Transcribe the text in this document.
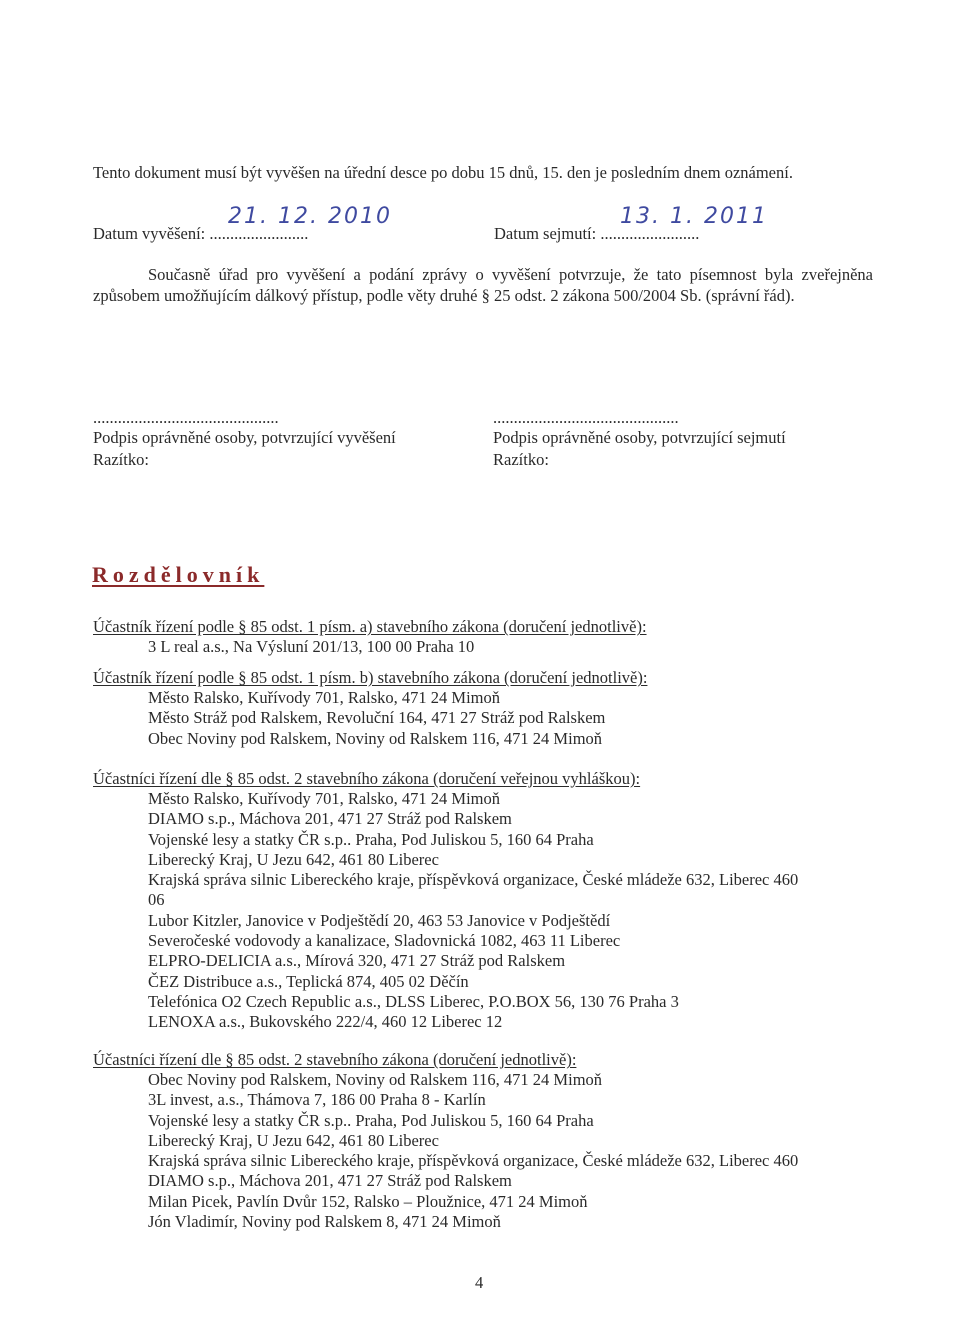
Tento dokument musí být vyvěšen na úřední desce po dobu 15 dnů, 15. den je posledním dnem oznámení.
Datum vyvěšení: ........................
21. 12. 2010
Datum sejmutí: ........................
13. 1. 2011
Současně úřad pro vyvěšení a podání zprávy o vyvěšení potvrzuje, že tato písemnost byla zveřejněna způsobem umožňujícím dálkový přístup, podle věty druhé § 25 odst. 2 zákona 500/2004 Sb. (správní řád).
.............................................
Podpis oprávněné osoby, potvrzující vyvěšení
Razítko:
.............................................
Podpis oprávněné osoby, potvrzující sejmutí
Razítko:
Rozdělovník
Účastník řízení podle § 85 odst. 1 písm. a) stavebního zákona (doručení jednotlivě):
3 L real a.s., Na Výsluní 201/13, 100 00 Praha 10
Účastník řízení podle § 85 odst. 1 písm. b) stavebního zákona (doručení jednotlivě):
Město Ralsko, Kuřívody 701, Ralsko, 471 24 Mimoň
Město Stráž pod Ralskem, Revoluční 164, 471 27 Stráž pod Ralskem
Obec Noviny pod Ralskem, Noviny od Ralskem 116, 471 24 Mimoň
Účastníci řízení dle § 85 odst. 2 stavebního zákona (doručení veřejnou vyhláškou):
Město Ralsko, Kuřívody 701, Ralsko, 471 24 Mimoň
DIAMO s.p., Máchova 201, 471 27 Stráž pod Ralskem
Vojenské lesy a statky ČR s.p.. Praha, Pod Juliskou 5, 160 64 Praha
Liberecký Kraj, U Jezu 642, 461 80 Liberec
Krajská správa silnic Libereckého kraje, příspěvková organizace, České mládeže 632, Liberec 460
06
Lubor Kitzler, Janovice v Podještědí 20, 463 53 Janovice v Podještědí
Severočeské vodovody a kanalizace, Sladovnická 1082, 463 11 Liberec
ELPRO-DELICIA a.s., Mírová 320, 471 27 Stráž pod Ralskem
ČEZ Distribuce a.s., Teplická 874, 405 02 Děčín
Telefónica O2 Czech Republic a.s., DLSS Liberec, P.O.BOX 56, 130 76 Praha 3
LENOXA a.s., Bukovského 222/4, 460 12 Liberec 12
Účastníci řízení dle § 85 odst. 2 stavebního zákona (doručení jednotlivě):
Obec Noviny pod Ralskem, Noviny od Ralskem 116, 471 24 Mimoň
3L invest, a.s., Thámova 7, 186 00 Praha 8 - Karlín
Vojenské lesy a statky ČR s.p.. Praha, Pod Juliskou 5, 160 64 Praha
Liberecký Kraj, U Jezu 642, 461 80 Liberec
Krajská správa silnic Libereckého kraje, příspěvková organizace, České mládeže 632, Liberec 460
DIAMO s.p., Máchova 201, 471 27 Stráž pod Ralskem
Milan Picek, Pavlín Dvůr 152, Ralsko – Ploužnice, 471 24 Mimoň
Jón Vladimír, Noviny pod Ralskem 8, 471 24 Mimoň
4
